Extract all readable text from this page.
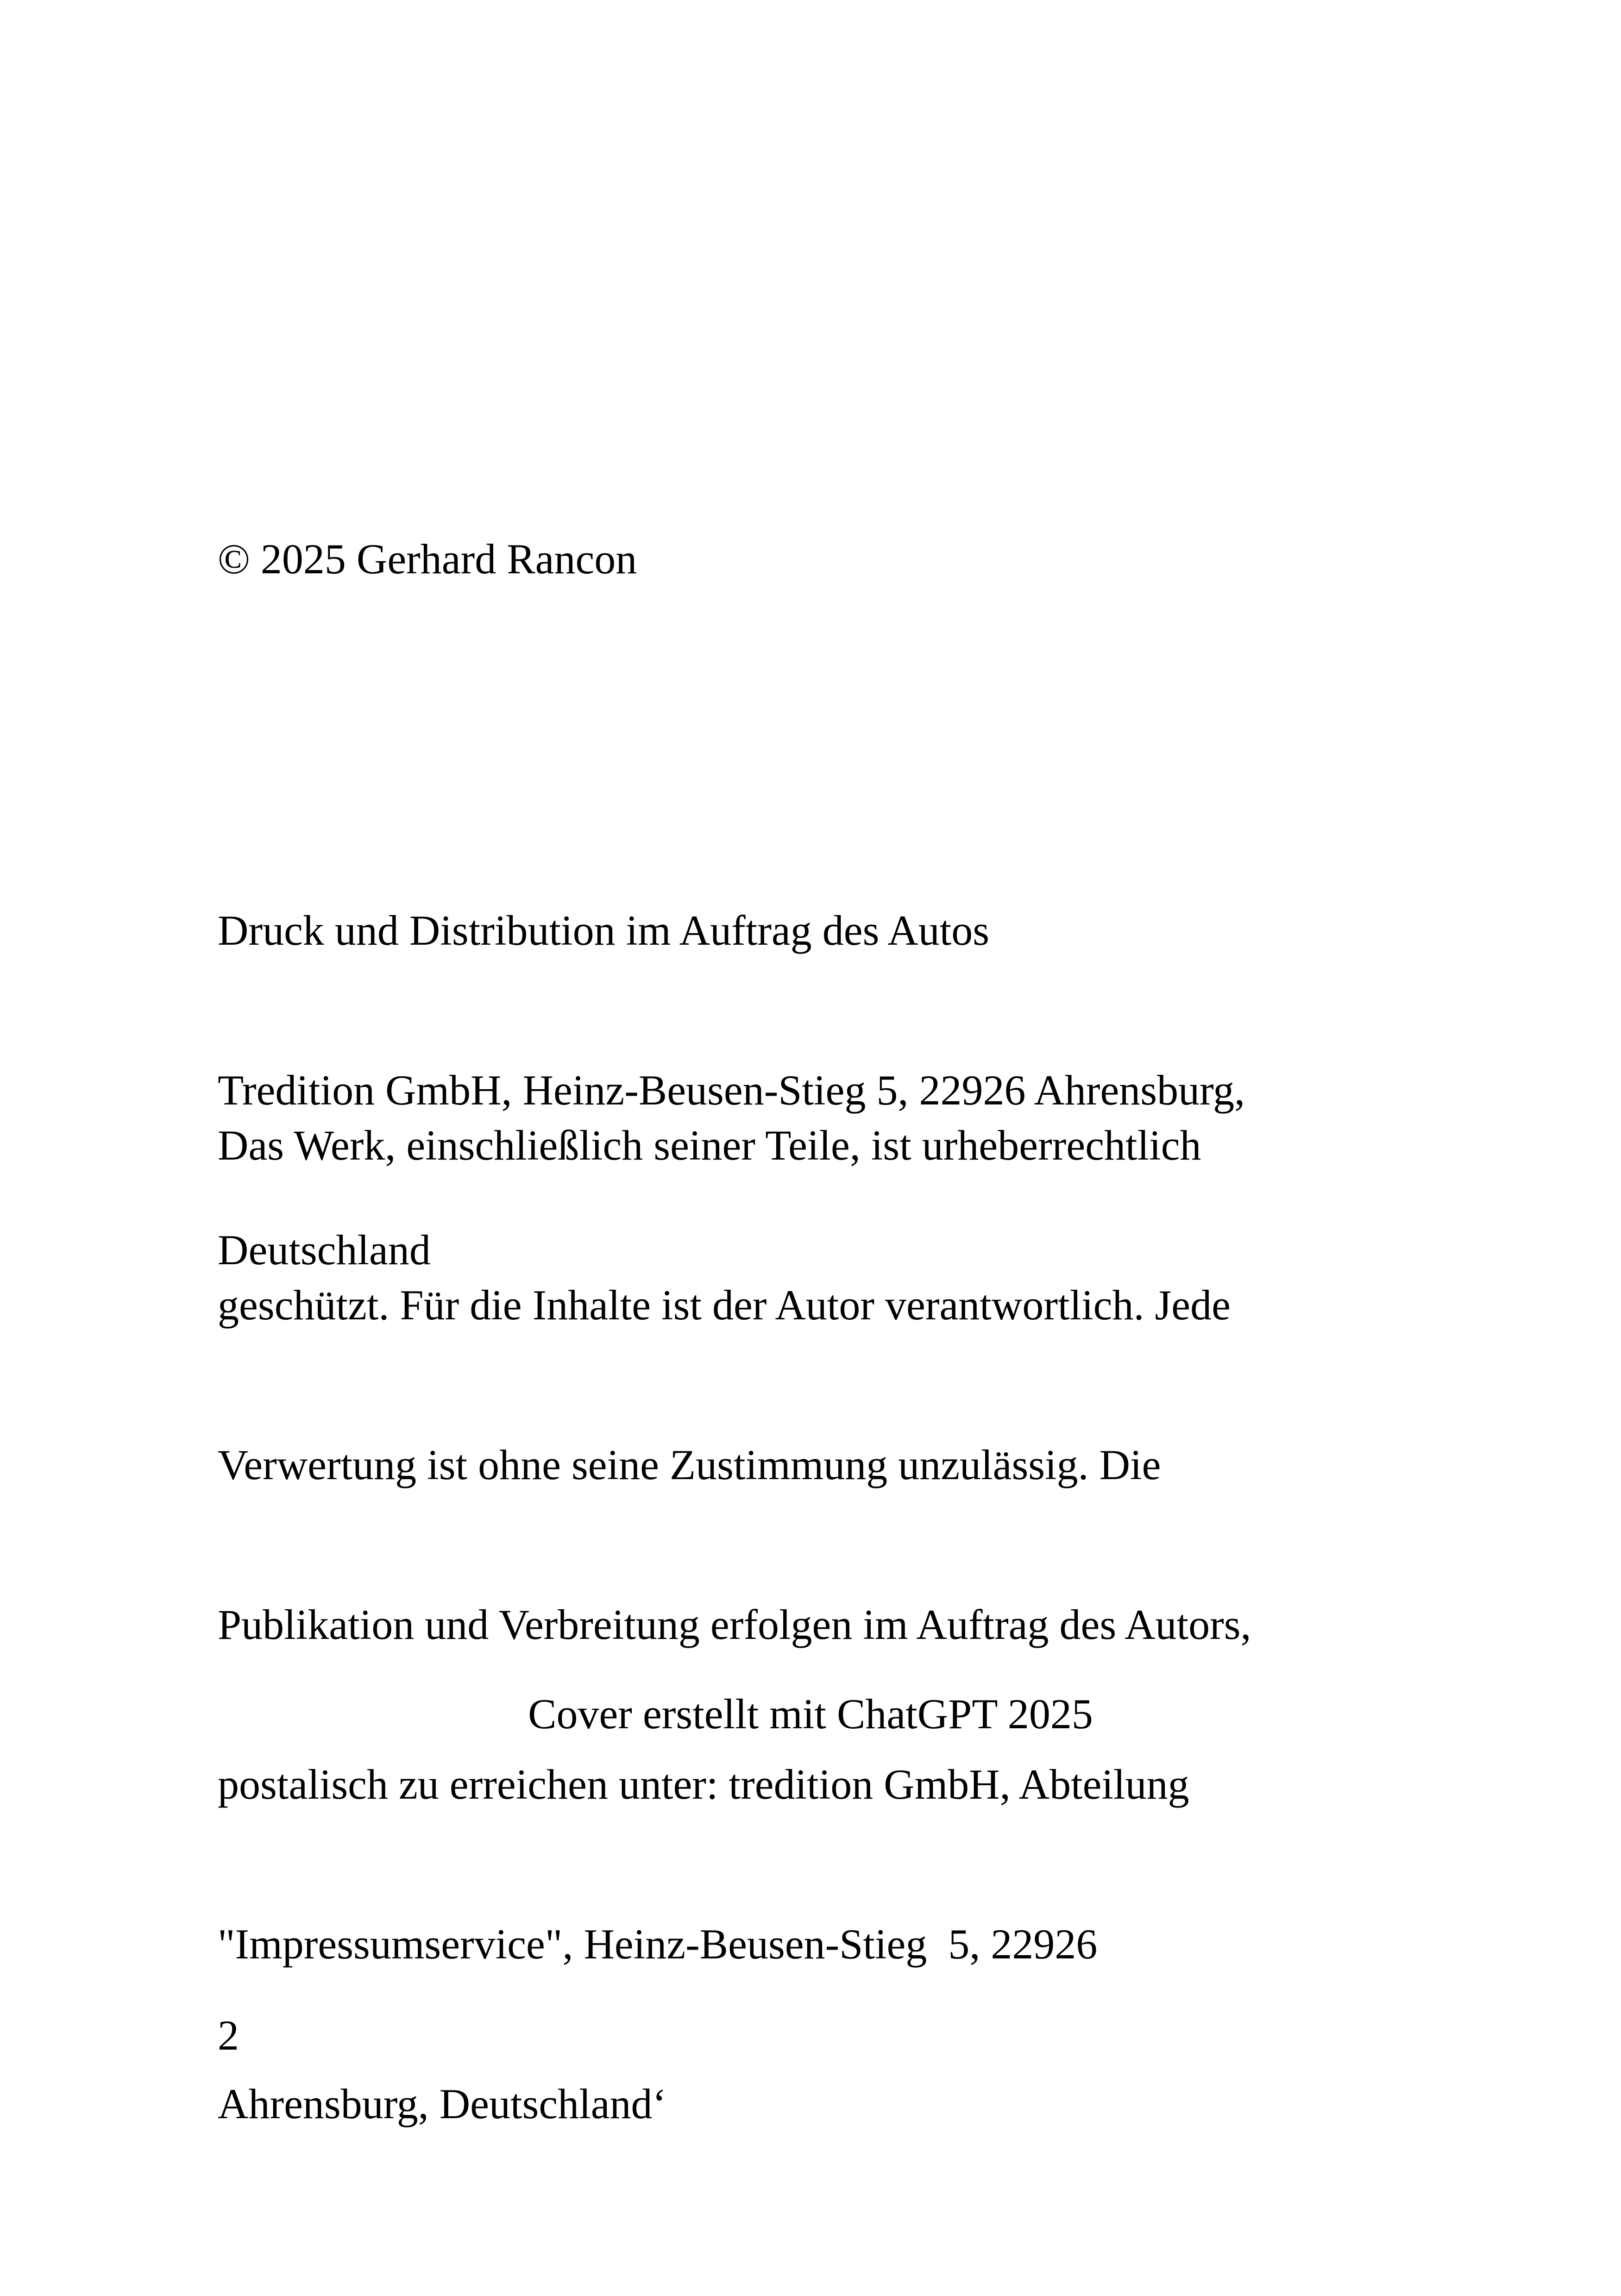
© 2025 Gerhard Rancon

Druck und Distribution im Auftrag des Autos

Tredition GmbH, Heinz-Beusen-Stieg 5, 22926 Ahrensburg,

Deutschland

Das Werk, einschließlich seiner Teile, ist urheberrechtlich

geschützt. Für die Inhalte ist der Autor verantwortlich. Jede

Verwertung ist ohne seine Zustimmung unzulässig. Die

Publikation und Verbreitung erfolgen im Auftrag des Autors,

postalisch zu erreichen unter: tredition GmbH, Abteilung

"Impressumservice", Heinz-Beusen-Stieg  5, 22926

Ahrensburg, Deutschland‘

Cover erstellt mit ChatGPT 2025

2
